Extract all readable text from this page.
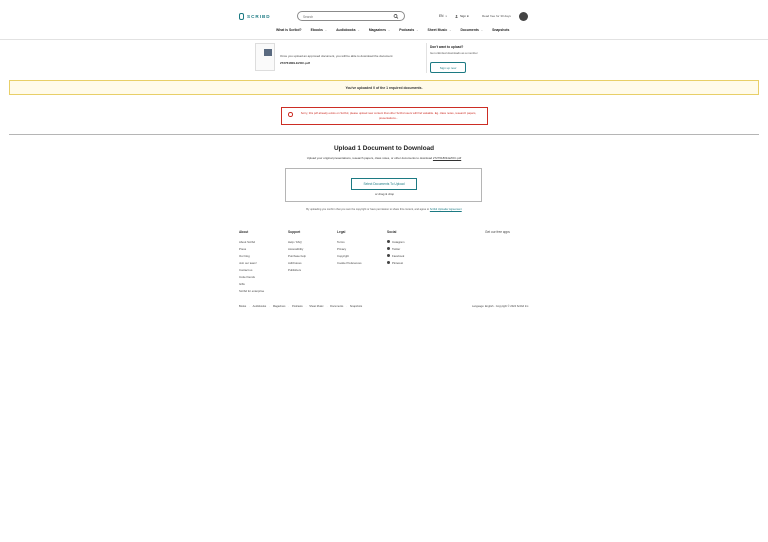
SCRIBD
Search	EN ▾	Sign in	Read free for 30 days
What is Scribd?	Ebooks ⌄	Audiobooks ⌄	Magazines ⌄	Podcasts ⌄	Sheet Music ⌄	Documents ⌄	Snapshots
Once you upload an approved document, you will be able to download the document
272761809-EZOC.pdf
Don't want to upload?
Get unlimited downloads as a member
Sign up now
You've uploaded 0 of the 1 required documents.
Sorry, this pdf already exists on Scribd, please upload new content that other Scribd users will find valuable. Eg. class notes, research papers, presentations...
Upload 1 Document to Download
Upload your original presentations, research papers, class notes, or other documents to download 272761809-EZOC.pdf
Select Documents To Upload
or drag & drop
By uploading you confirm that you own the copyright or have permission to share this content, and agree to Scribd Uploader Agreement
About
About Scribd
Press
Our blog
Join our team!
Contact us
Invite friends
Gifts
Scribd for enterprise
Support
Help / FAQ
Accessibility
Purchase help
AdChoices
Publishers
Legal
Terms
Privacy
Copyright
Cookie Preferences
Social
Instagram
Twitter
Facebook
Pinterest
Get our free apps
Books · Audiobooks · Magazines · Podcasts · Sheet Music · Documents · Snapshots	Language: English · Copyright © 2024 Scribd Inc.
